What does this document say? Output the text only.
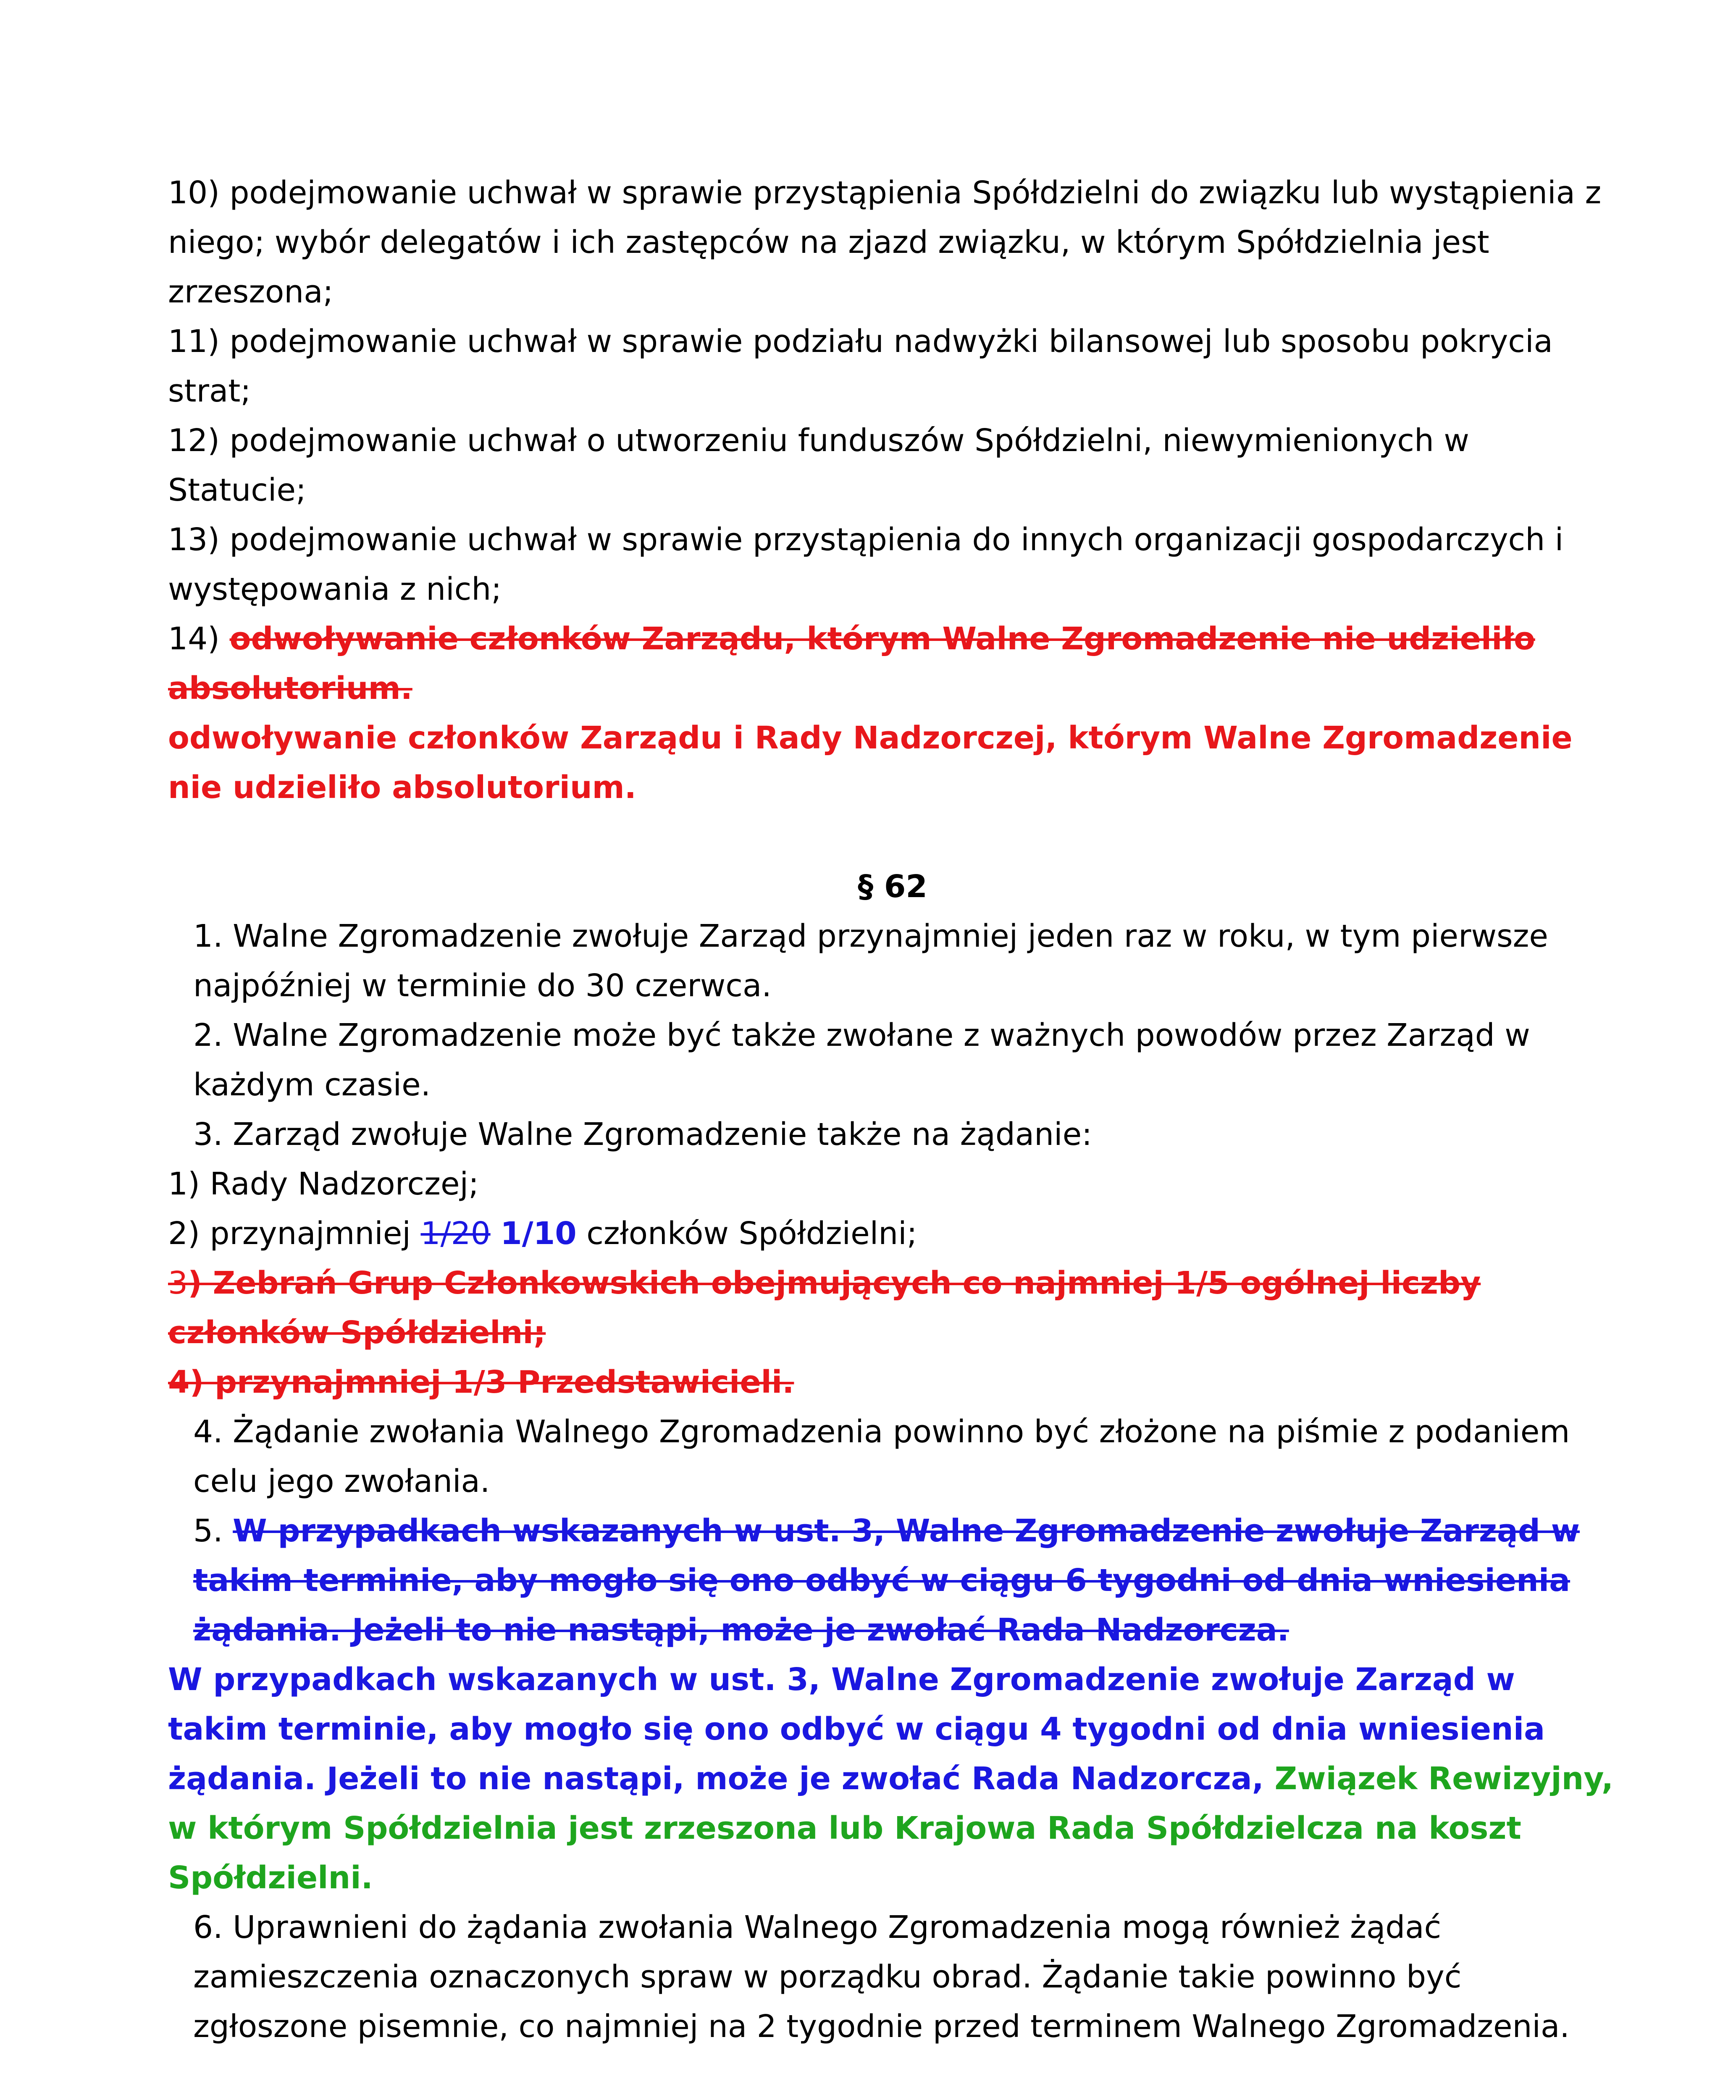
10) podejmowanie uchwał w sprawie przystąpienia Spółdzielni do związku lub wystąpienia z niego; wybór delegatów i ich zastępców na zjazd związku, w którym Spółdzielnia jest zrzeszona;

11) podejmowanie uchwał w sprawie podziału nadwyżki bilansowej lub sposobu pokrycia strat;

12) podejmowanie uchwał o utworzeniu funduszów Spółdzielni, niewymienionych w Statucie;

13) podejmowanie uchwał w sprawie przystąpienia do innych organizacji gospodarczych i występowania z nich;

14) odwoływanie członków Zarządu, którym Walne Zgromadzenie nie udzieliło absolutorium.

odwoływanie członków Zarządu i Rady Nadzorczej, którym Walne Zgromadzenie nie udzieliło absolutorium.

§ 62

1. Walne Zgromadzenie zwołuje Zarząd przynajmniej jeden raz w roku, w tym pierwsze najpóźniej w terminie do 30 czerwca.

2. Walne Zgromadzenie może być także zwołane z ważnych powodów przez Zarząd w każdym czasie.

3. Zarząd zwołuje Walne Zgromadzenie także na żądanie:

1) Rady Nadzorczej;

2) przynajmniej 1/20 1/10 członków Spółdzielni;

3) Zebrań Grup Członkowskich obejmujących co najmniej 1/5 ogólnej liczby członków Spółdzielni;

4) przynajmniej 1/3 Przedstawicieli.

4. Żądanie zwołania Walnego Zgromadzenia powinno być złożone na piśmie z podaniem celu jego zwołania.

5. W przypadkach wskazanych w ust. 3, Walne Zgromadzenie zwołuje Zarząd w takim terminie, aby mogło się ono odbyć w ciągu 6 tygodni od dnia wniesienia żądania. Jeżeli to nie nastąpi, może je zwołać Rada Nadzorcza.

W przypadkach wskazanych w ust. 3, Walne Zgromadzenie zwołuje Zarząd w takim terminie, aby mogło się ono odbyć w ciągu 4 tygodni od dnia wniesienia żądania. Jeżeli to nie nastąpi, może je zwołać Rada Nadzorcza, Związek Rewizyjny, w którym Spółdzielnia jest zrzeszona lub Krajowa Rada Spółdzielcza na koszt Spółdzielni.

6. Uprawnieni do żądania zwołania Walnego Zgromadzenia mogą również żądać zamieszczenia oznaczonych spraw w porządku obrad. Żądanie takie powinno być zgłoszone pisemnie, co najmniej na 2 tygodnie przed terminem Walnego Zgromadzenia.
